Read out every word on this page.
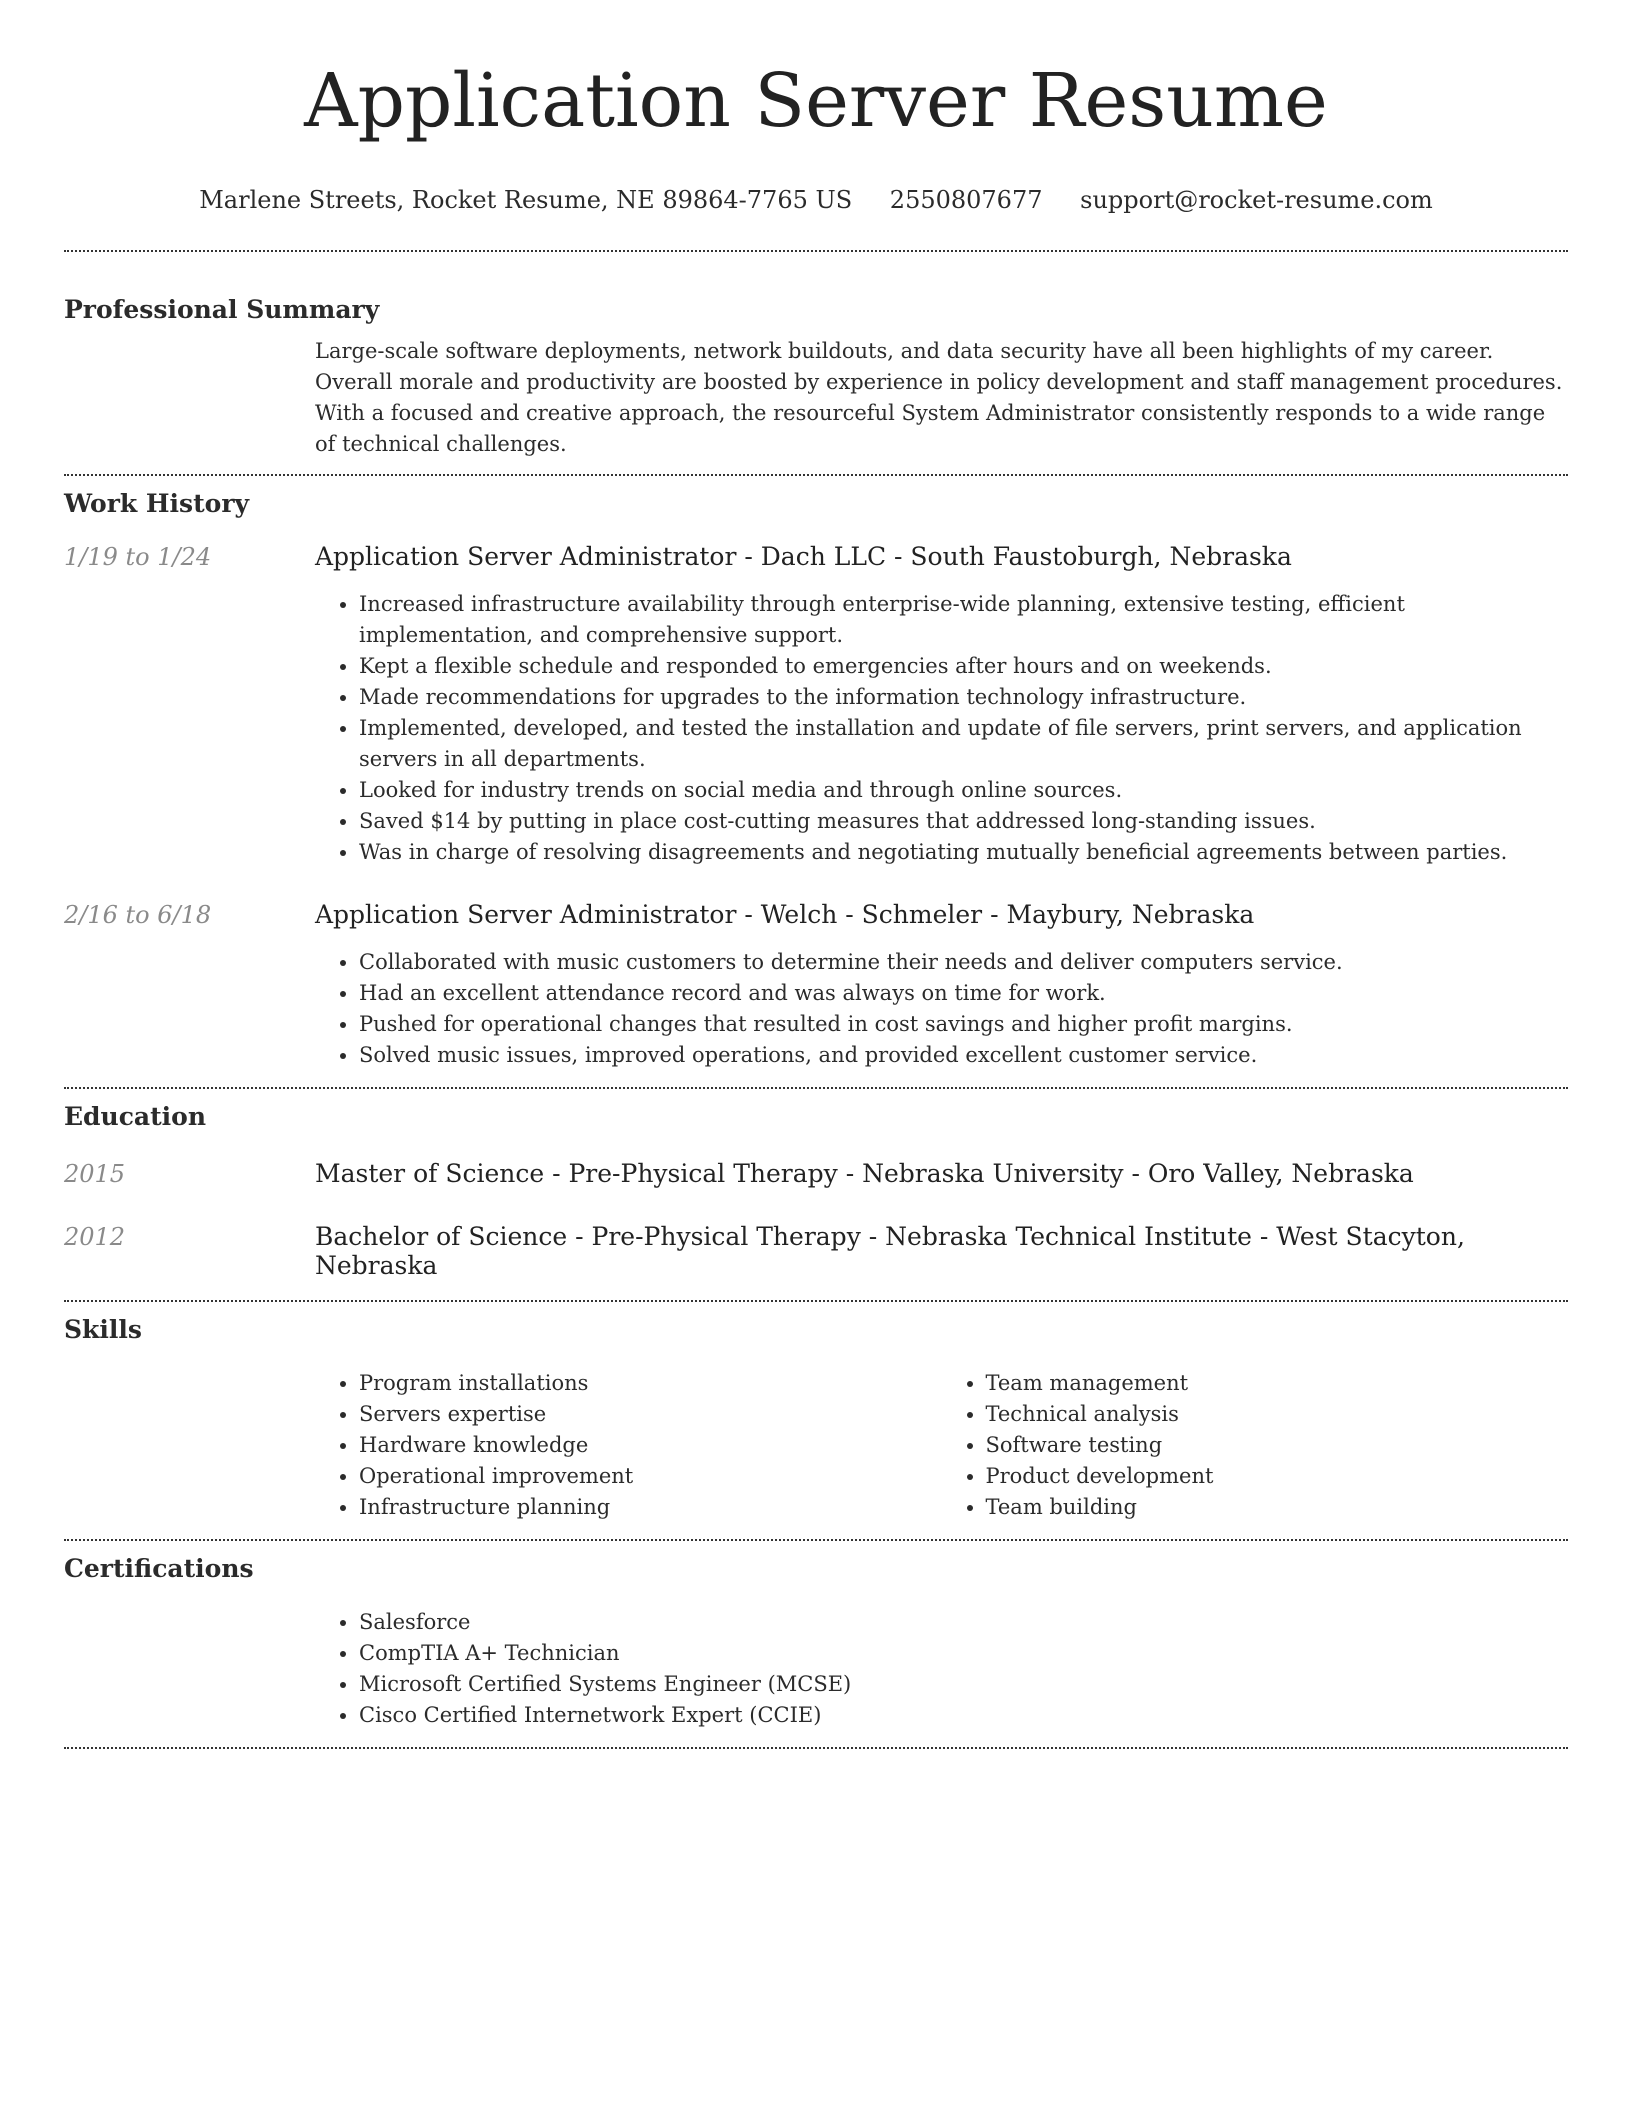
Application Server Resume
Marlene Streets, Rocket Resume, NE 89864-7765 US 2550807677 support@rocket-resume.com
Professional Summary

Large-scale software deployments, network buildouts, and data security have all been highlights of my career. Overall morale and productivity are boosted by experience in policy development and staff management procedures. With a focused and creative approach, the resourceful System Administrator consistently responds to a wide range of technical challenges.

Work History
1/19 to 1/24	Application Server Administrator - Dach LLC - South Faustoburgh, Nebraska
• Increased infrastructure availability through enterprise-wide planning, extensive testing, efficient implementation, and comprehensive support.
• Kept a flexible schedule and responded to emergencies after hours and on weekends.
• Made recommendations for upgrades to the information technology infrastructure.
• Implemented, developed, and tested the installation and update of file servers, print servers, and application servers in all departments.
• Looked for industry trends on social media and through online sources.
• Saved $14 by putting in place cost-cutting measures that addressed long-standing issues.
• Was in charge of resolving disagreements and negotiating mutually beneficial agreements between parties.
2/16 to 6/18	Application Server Administrator - Welch - Schmeler - Maybury, Nebraska
• Collaborated with music customers to determine their needs and deliver computers service.
• Had an excellent attendance record and was always on time for work.
• Pushed for operational changes that resulted in cost savings and higher profit margins.
• Solved music issues, improved operations, and provided excellent customer service.
Education
2015	Master of Science - Pre-Physical Therapy - Nebraska University - Oro Valley, Nebraska
2012	Bachelor of Science - Pre-Physical Therapy - Nebraska Technical Institute - West Stacyton, Nebraska
Skills
• Program installations
• Servers expertise
• Hardware knowledge
• Operational improvement
• Infrastructure planning
• Team management
• Technical analysis
• Software testing
• Product development
• Team building
Certifications
• Salesforce
• CompTIA A+ Technician
• Microsoft Certified Systems Engineer (MCSE)
• Cisco Certified Internetwork Expert (CCIE)
